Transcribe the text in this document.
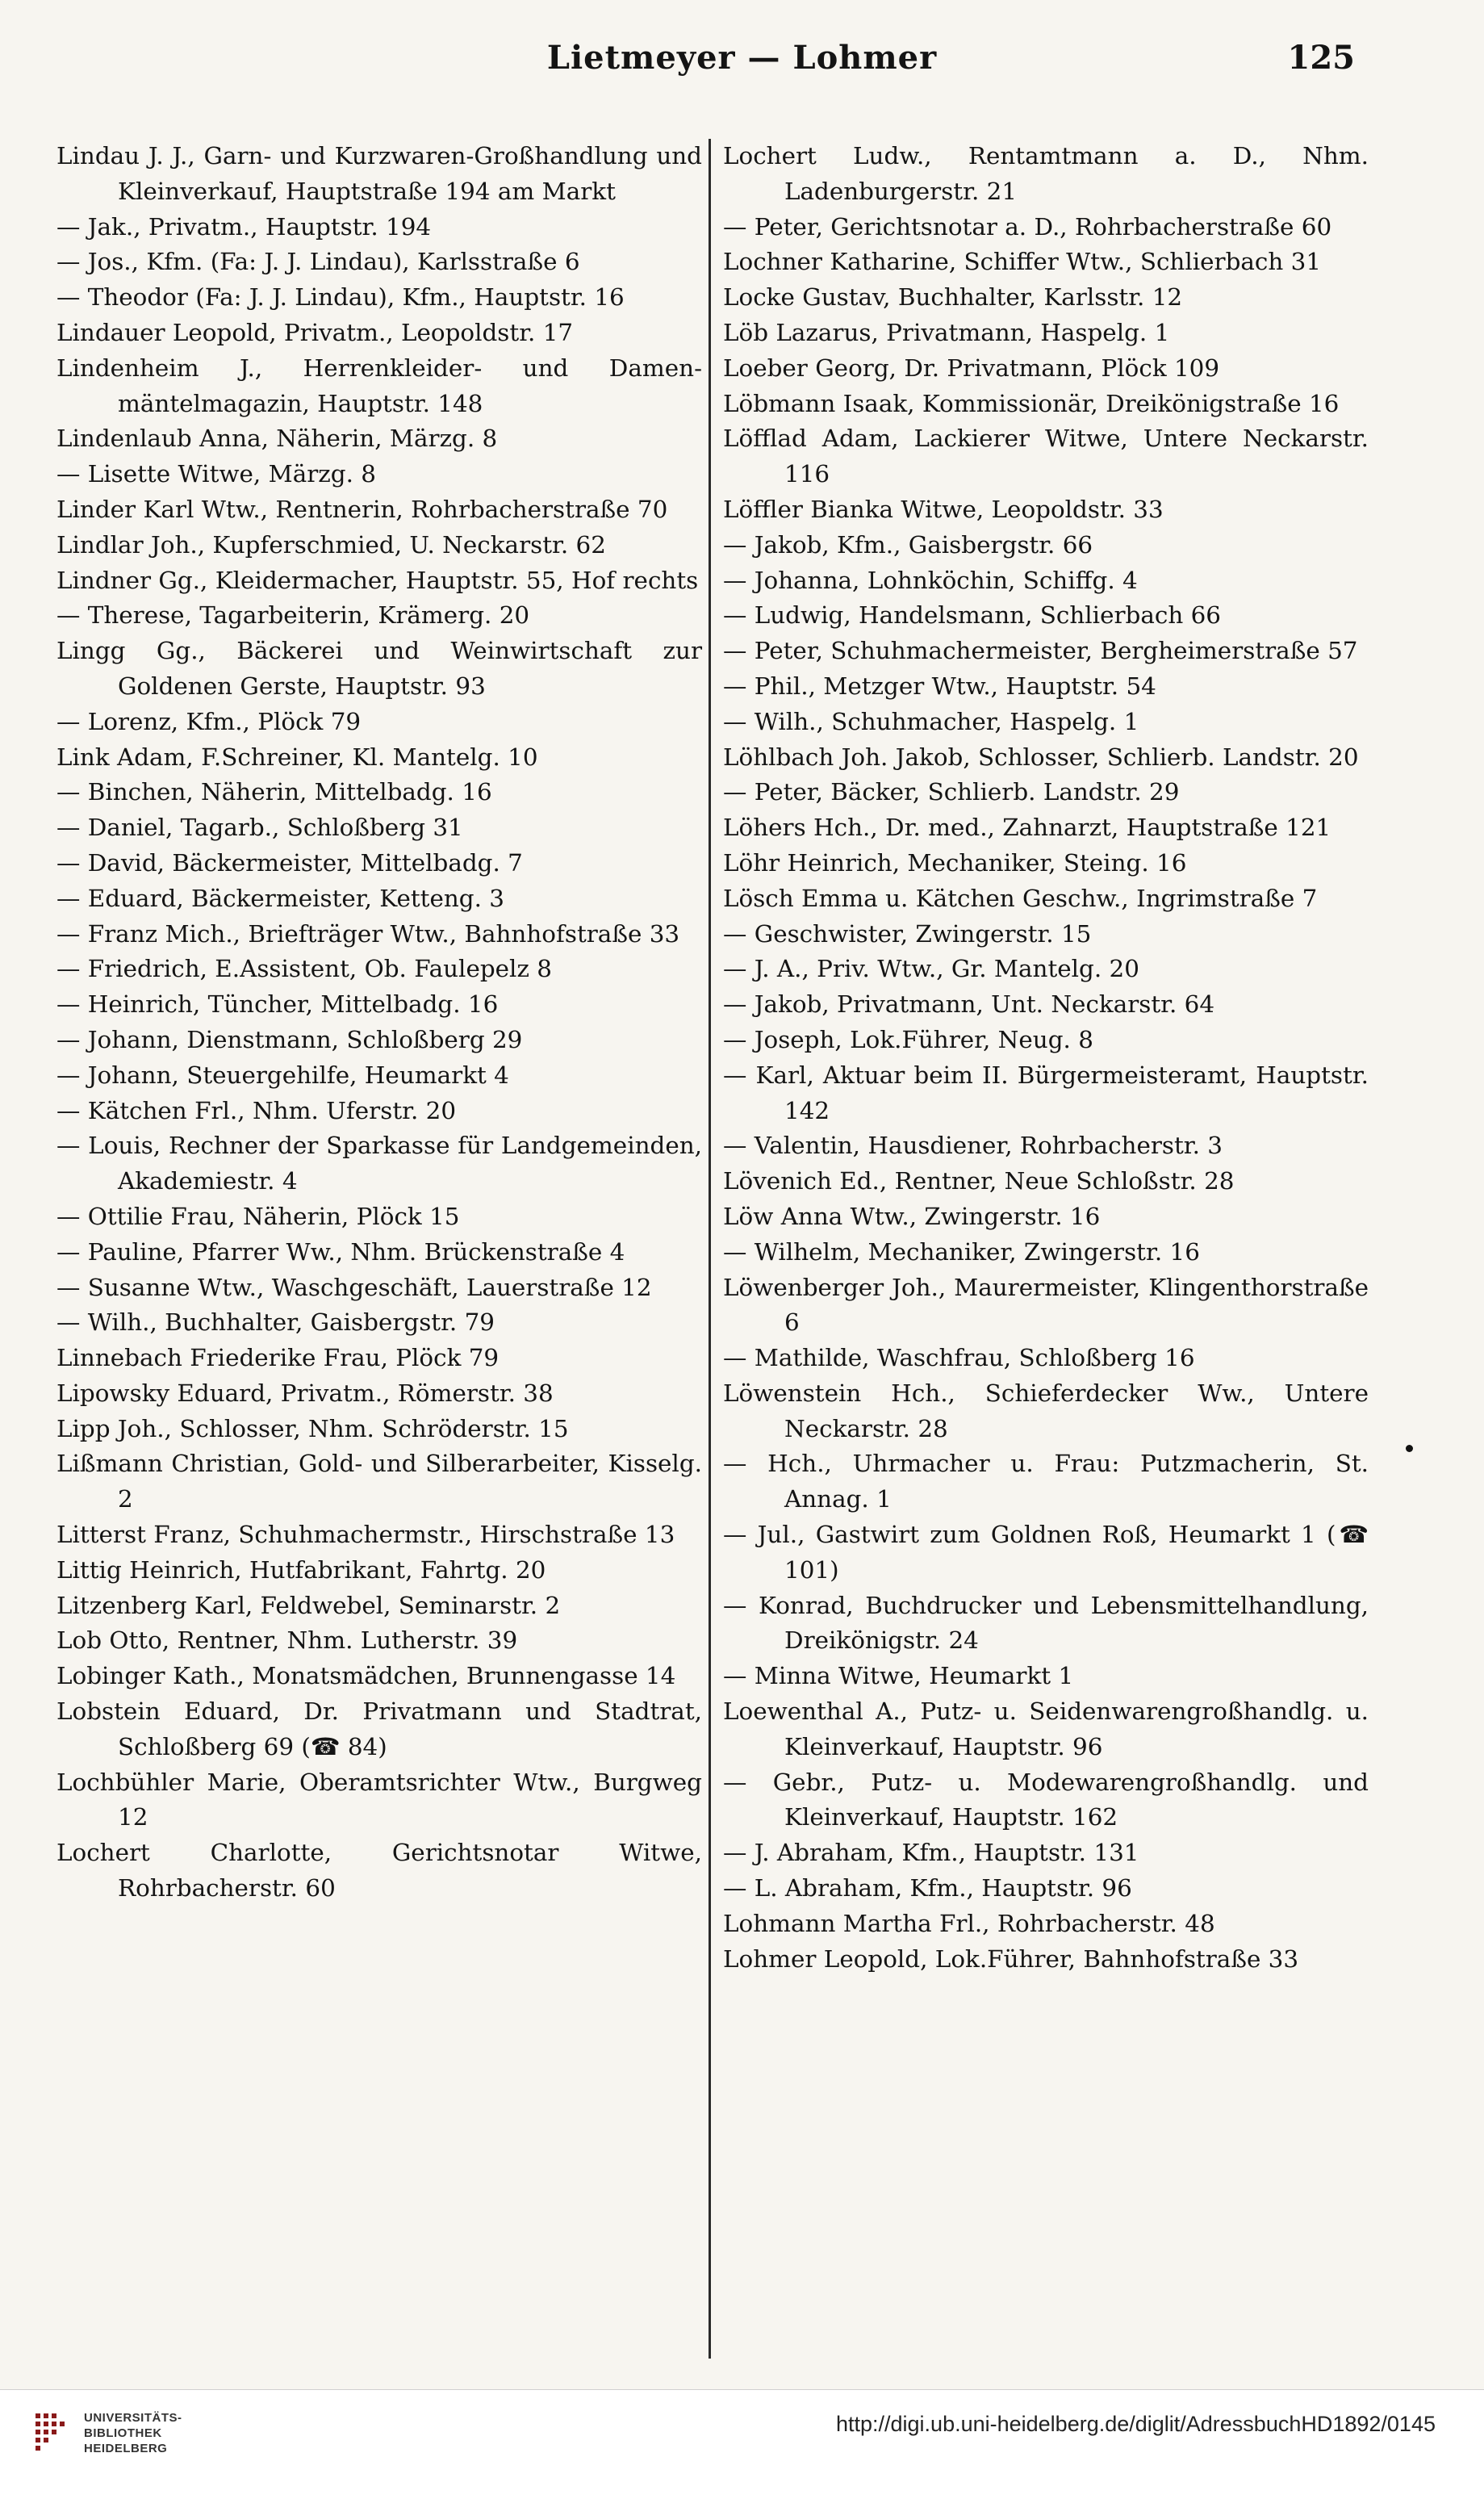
Lietmeyer — Lohmer	125
Lindau J. J., Garn- und Kurzwaren-Großhandlung und Kleinverkauf, Hauptstraße 194 am Markt
— Jak., Privatm., Hauptstr. 194
— Jos., Kfm. (Fa: J. J. Lindau), Karlsstraße 6
— Theodor (Fa: J. J. Lindau), Kfm., Hauptstr. 16
Lindauer Leopold, Privatm., Leopoldstr. 17
Lindenheim J., Herrenkleider- und Damenmäntelmagazin, Hauptstr. 148
Lindenlaub Anna, Näherin, Märzg. 8
— Lisette Witwe, Märzg. 8
Linder Karl Wtw., Rentnerin, Rohrbacherstraße 70
Lindlar Joh., Kupferschmied, U. Neckarstr. 62
Lindner Gg., Kleidermacher, Hauptstr. 55, Hof rechts
— Therese, Tagarbeiterin, Krämerg. 20
Lingg Gg., Bäckerei und Weinwirtschaft zur Goldenen Gerste, Hauptstr. 93
— Lorenz, Kfm., Plöck 79
Link Adam, F.Schreiner, Kl. Mantelg. 10
— Binchen, Näherin, Mittelbadg. 16
— Daniel, Tagarb., Schloßberg 31
— David, Bäckermeister, Mittelbadg. 7
— Eduard, Bäckermeister, Ketteng. 3
— Franz Mich., Briefträger Wtw., Bahnhofstraße 33
— Friedrich, E.Assistent, Ob. Faulepelz 8
— Heinrich, Tüncher, Mittelbadg. 16
— Johann, Dienstmann, Schloßberg 29
— Johann, Steuergehilfe, Heumarkt 4
— Kätchen Frl., Nhm. Uferstr. 20
— Louis, Rechner der Sparkasse für Landgemeinden, Akademiestr. 4
— Ottilie Frau, Näherin, Plöck 15
— Pauline, Pfarrer Ww., Nhm. Brückenstraße 4
— Susanne Wtw., Waschgeschäft, Lauerstraße 12
— Wilh., Buchhalter, Gaisbergstr. 79
Linnebach Friederike Frau, Plöck 79
Lipowsky Eduard, Privatm., Römerstr. 38
Lipp Joh., Schlosser, Nhm. Schröderstr. 15
Lißmann Christian, Gold- und Silberarbeiter, Kisselg. 2
Litterst Franz, Schuhmachermstr., Hirschstraße 13
Littig Heinrich, Hutfabrikant, Fahrtg. 20
Litzenberg Karl, Feldwebel, Seminarstr. 2
Lob Otto, Rentner, Nhm. Lutherstr. 39
Lobinger Kath., Monatsmädchen, Brunnengasse 14
Lobstein Eduard, Dr. Privatmann und Stadtrat, Schloßberg 69 (☎ 84)
Lochbühler Marie, Oberamtsrichter Wtw., Burgweg 12
Lochert Charlotte, Gerichtsnotar Witwe, Rohrbacherstr. 60
Lochert Ludw., Rentamtmann a. D., Nhm. Ladenburgerstr. 21
— Peter, Gerichtsnotar a. D., Rohrbacherstraße 60
Lochner Katharine, Schiffer Wtw., Schlierbach 31
Locke Gustav, Buchhalter, Karlsstr. 12
Löb Lazarus, Privatmann, Haspelg. 1
Loeber Georg, Dr. Privatmann, Plöck 109
Löbmann Isaak, Kommissionär, Dreikönigstraße 16
Löfflad Adam, Lackierer Witwe, Untere Neckarstr. 116
Löffler Bianka Witwe, Leopoldstr. 33
— Jakob, Kfm., Gaisbergstr. 66
— Johanna, Lohnköchin, Schiffg. 4
— Ludwig, Handelsmann, Schlierbach 66
— Peter, Schuhmachermeister, Bergheimerstraße 57
— Phil., Metzger Wtw., Hauptstr. 54
— Wilh., Schuhmacher, Haspelg. 1
Löhlbach Joh. Jakob, Schlosser, Schlierb. Landstr. 20
— Peter, Bäcker, Schlierb. Landstr. 29
Löhers Hch., Dr. med., Zahnarzt, Hauptstraße 121
Löhr Heinrich, Mechaniker, Steing. 16
Lösch Emma u. Kätchen Geschw., Ingrimstraße 7
— Geschwister, Zwingerstr. 15
— J. A., Priv. Wtw., Gr. Mantelg. 20
— Jakob, Privatmann, Unt. Neckarstr. 64
— Joseph, Lok.Führer, Neug. 8
— Karl, Aktuar beim II. Bürgermeisteramt, Hauptstr. 142
— Valentin, Hausdiener, Rohrbacherstr. 3
Lövenich Ed., Rentner, Neue Schloßstr. 28
Löw Anna Wtw., Zwingerstr. 16
— Wilhelm, Mechaniker, Zwingerstr. 16
Löwenberger Joh., Maurermeister, Klingenthorstraße 6
— Mathilde, Waschfrau, Schloßberg 16
Löwenstein Hch., Schieferdecker Ww., Untere Neckarstr. 28
— Hch., Uhrmacher u. Frau: Putzmacherin, St. Annag. 1
— Jul., Gastwirt zum Goldnen Roß, Heumarkt 1 (☎ 101)
— Konrad, Buchdrucker und Lebensmittelhandlung, Dreikönigstr. 24
— Minna Witwe, Heumarkt 1
Loewenthal A., Putz- u. Seidenwarengroßhandlg. u. Kleinverkauf, Hauptstr. 96
— Gebr., Putz- u. Modewarengroßhandlg. und Kleinverkauf, Hauptstr. 162
— J. Abraham, Kfm., Hauptstr. 131
— L. Abraham, Kfm., Hauptstr. 96
Lohmann Martha Frl., Rohrbacherstr. 48
Lohmer Leopold, Lok.Führer, Bahnhofstraße 33
UNIVERSITÄTS-
BIBLIOTHEK
HEIDELBERG
http://digi.ub.uni-heidelberg.de/diglit/AdressbuchHD1892/0145
